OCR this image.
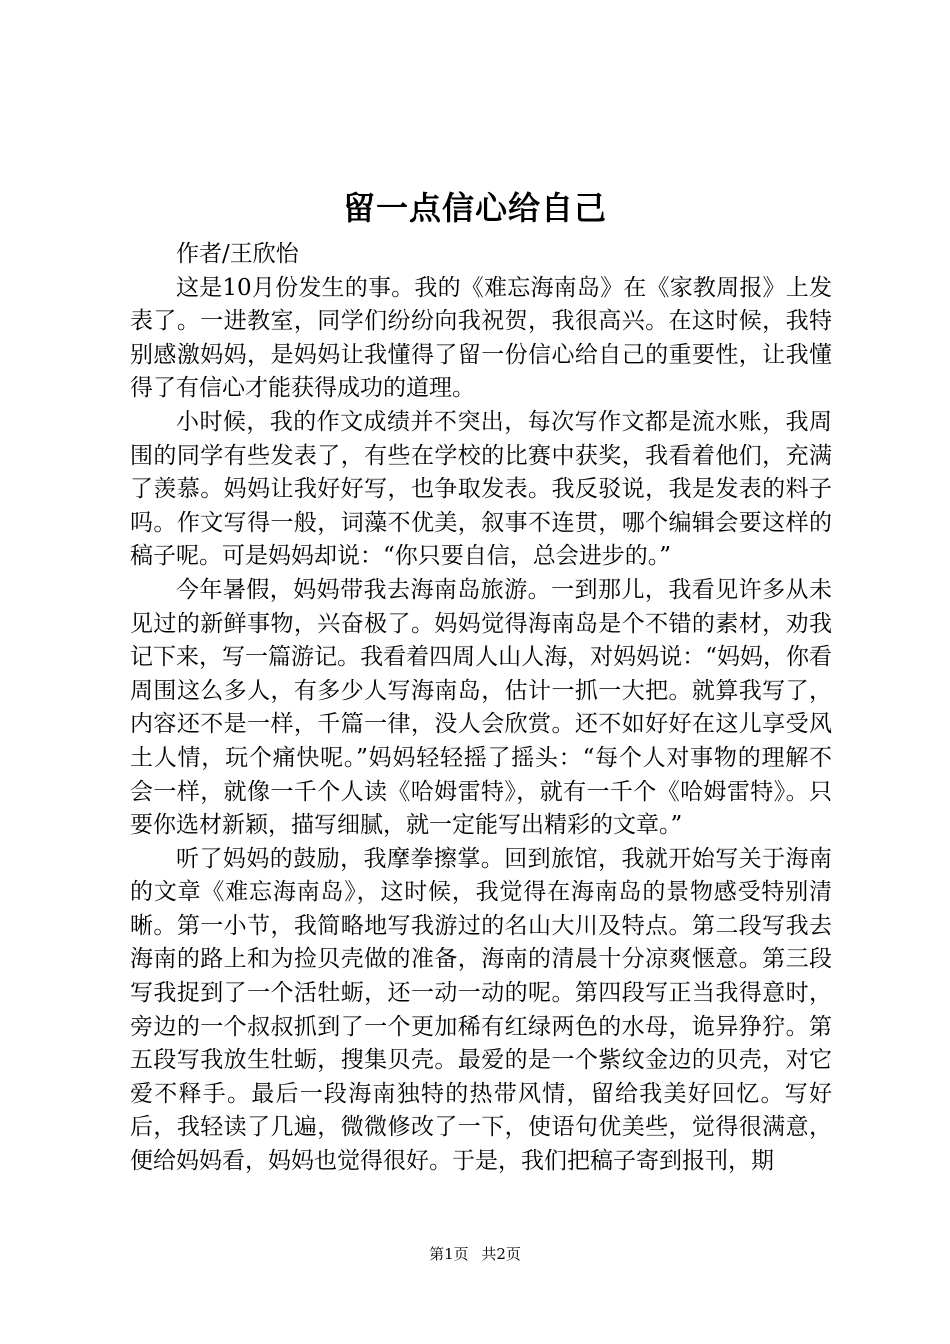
留一点信心给自己

作者/王欣怡

这是10月份发生的事。我的《难忘海南岛》在《家教周报》上发表了。一进教室，同学们纷纷向我祝贺，我很高兴。在这时候，我特别感激妈妈，是妈妈让我懂得了留一份信心给自己的重要性，让我懂得了有信心才能获得成功的道理。

小时候，我的作文成绩并不突出，每次写作文都是流水账，我周围的同学有些发表了，有些在学校的比赛中获奖，我看着他们，充满了羡慕。妈妈让我好好写，也争取发表。我反驳说，我是发表的料子吗。作文写得一般，词藻不优美，叙事不连贯，哪个编辑会要这样的稿子呢。可是妈妈却说：“你只要自信，总会进步的。”

今年暑假，妈妈带我去海南岛旅游。一到那儿，我看见许多从未见过的新鲜事物，兴奋极了。妈妈觉得海南岛是个不错的素材，劝我记下来，写一篇游记。我看着四周人山人海，对妈妈说：“妈妈，你看周围这么多人，有多少人写海南岛，估计一抓一大把。就算我写了，内容还不是一样，千篇一律，没人会欣赏。还不如好好在这儿享受风土人情，玩个痛快呢。”妈妈轻轻摇了摇头：“每个人对事物的理解不会一样，就像一千个人读《哈姆雷特》，就有一千个《哈姆雷特》。只要你选材新颖，描写细腻，就一定能写出精彩的文章。”

听了妈妈的鼓励，我摩拳擦掌。回到旅馆，我就开始写关于海南的文章《难忘海南岛》，这时候，我觉得在海南岛的景物感受特别清晰。第一小节，我简略地写我游过的名山大川及特点。第二段写我去海南的路上和为捡贝壳做的准备，海南的清晨十分凉爽惬意。第三段写我捉到了一个活牡蛎，还一动一动的呢。第四段写正当我得意时，旁边的一个叔叔抓到了一个更加稀有红绿两色的水母，诡异狰狞。第五段写我放生牡蛎，搜集贝壳。最爱的是一个紫纹金边的贝壳，对它爱不释手。最后一段海南独特的热带风情，留给我美好回忆。写好后，我轻读了几遍，微微修改了一下，使语句优美些，觉得很满意，便给妈妈看，妈妈也觉得很好。于是，我们把稿子寄到报刊，期

第1页 共2页
